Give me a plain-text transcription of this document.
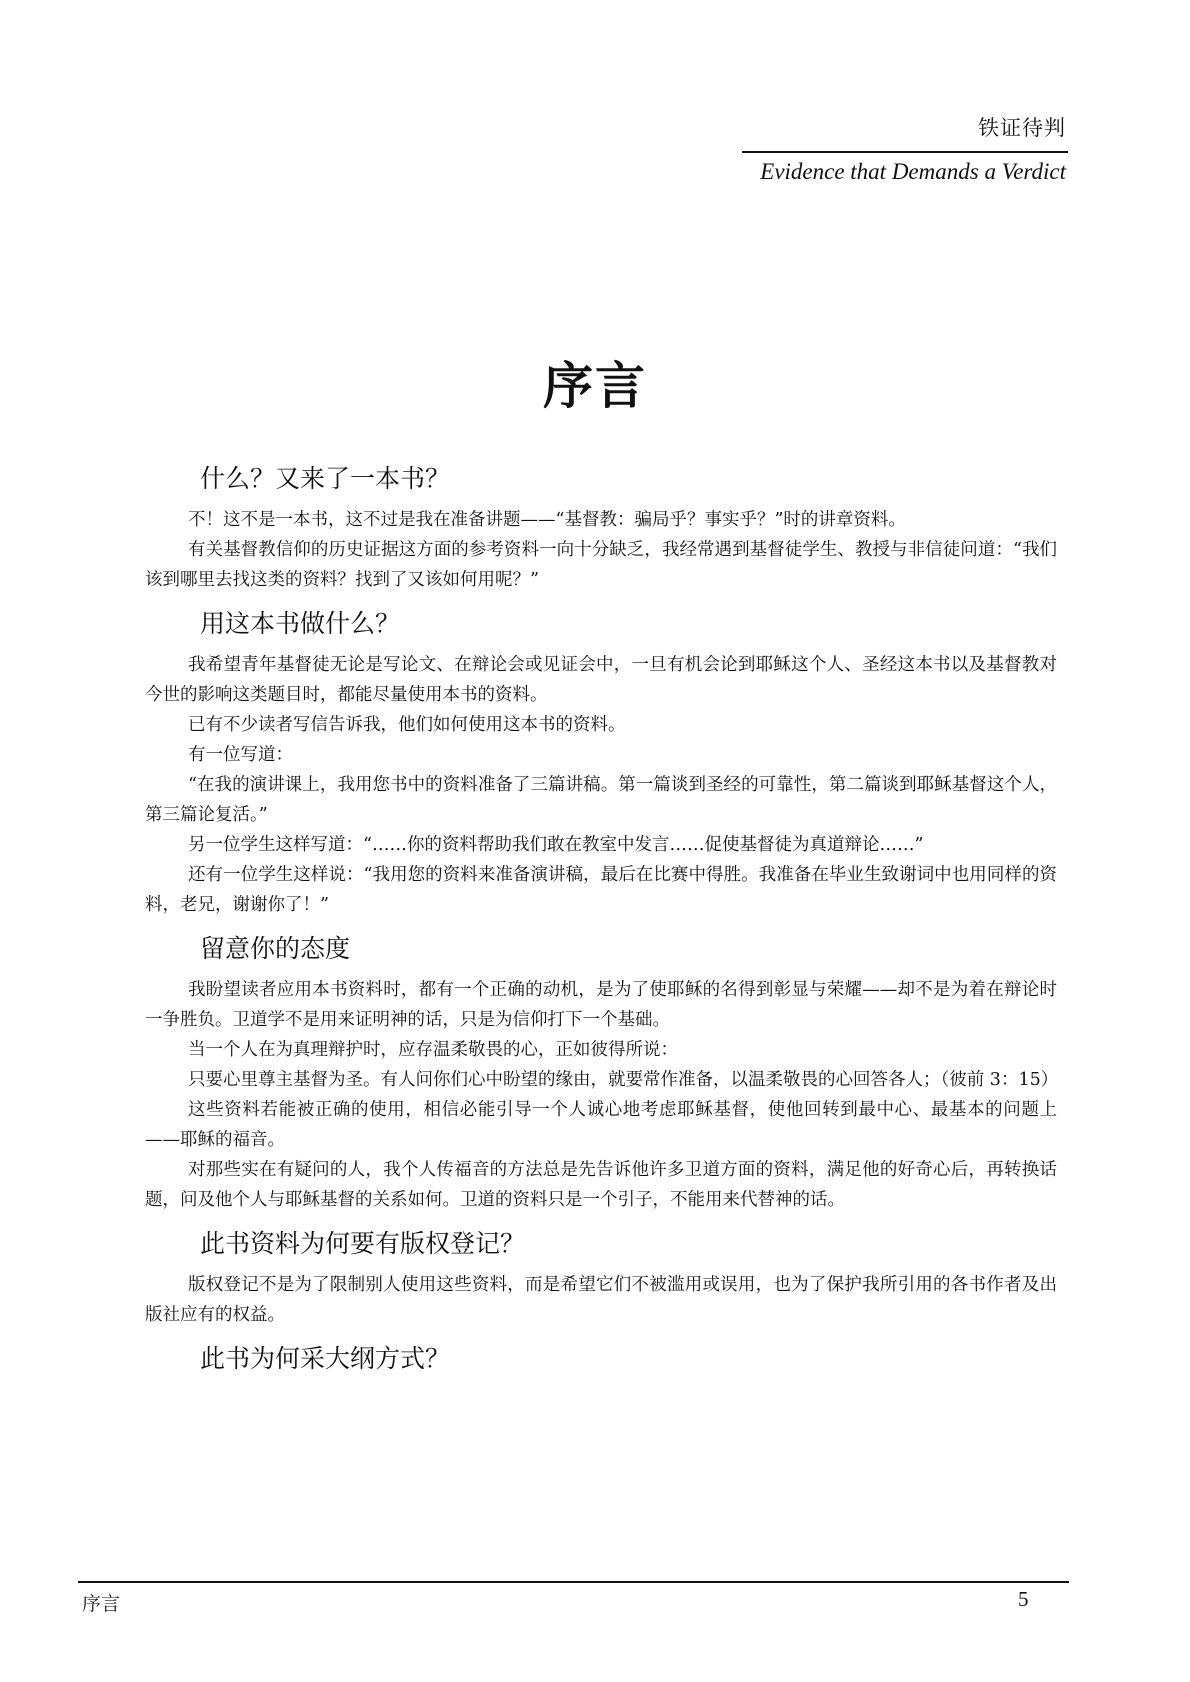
铁证待判
Evidence that Demands a Verdict
序言
什么？又来了一本书？

不！这不是一本书，这不过是我在准备讲题——“基督教：骗局乎？事实乎？”时的讲章资料。

有关基督教信仰的历史证据这方面的参考资料一向十分缺乏，我经常遇到基督徒学生、教授与非信徒问道：“我们该到哪里去找这类的资料？找到了又该如何用呢？”

用这本书做什么？

我希望青年基督徒无论是写论文、在辩论会或见证会中，一旦有机会论到耶稣这个人、圣经这本书以及基督教对今世的影响这类题目时，都能尽量使用本书的资料。

已有不少读者写信告诉我，他们如何使用这本书的资料。

有一位写道：

“在我的演讲课上，我用您书中的资料准备了三篇讲稿。第一篇谈到圣经的可靠性，第二篇谈到耶稣基督这个人，第三篇论复活。”

另一位学生这样写道：“……你的资料帮助我们敢在教室中发言……促使基督徒为真道辩论……”

还有一位学生这样说：“我用您的资料来准备演讲稿，最后在比赛中得胜。我准备在毕业生致谢词中也用同样的资料，老兄，谢谢你了！”

留意你的态度

我盼望读者应用本书资料时，都有一个正确的动机，是为了使耶稣的名得到彰显与荣耀——却不是为着在辩论时一争胜负。卫道学不是用来证明神的话，只是为信仰打下一个基础。

当一个人在为真理辩护时，应存温柔敬畏的心，正如彼得所说：

只要心里尊主基督为圣。有人问你们心中盼望的缘由，就要常作准备，以温柔敬畏的心回答各人；（彼前 3：15）

这些资料若能被正确的使用，相信必能引导一个人诚心地考虑耶稣基督，使他回转到最中心、最基本的问题上——耶稣的福音。

对那些实在有疑问的人，我个人传福音的方法总是先告诉他许多卫道方面的资料，满足他的好奇心后，再转换话题，问及他个人与耶稣基督的关系如何。卫道的资料只是一个引子，不能用来代替神的话。

此书资料为何要有版权登记？

版权登记不是为了限制别人使用这些资料，而是希望它们不被滥用或误用，也为了保护我所引用的各书作者及出版社应有的权益。

此书为何采大纲方式？
序言	5
